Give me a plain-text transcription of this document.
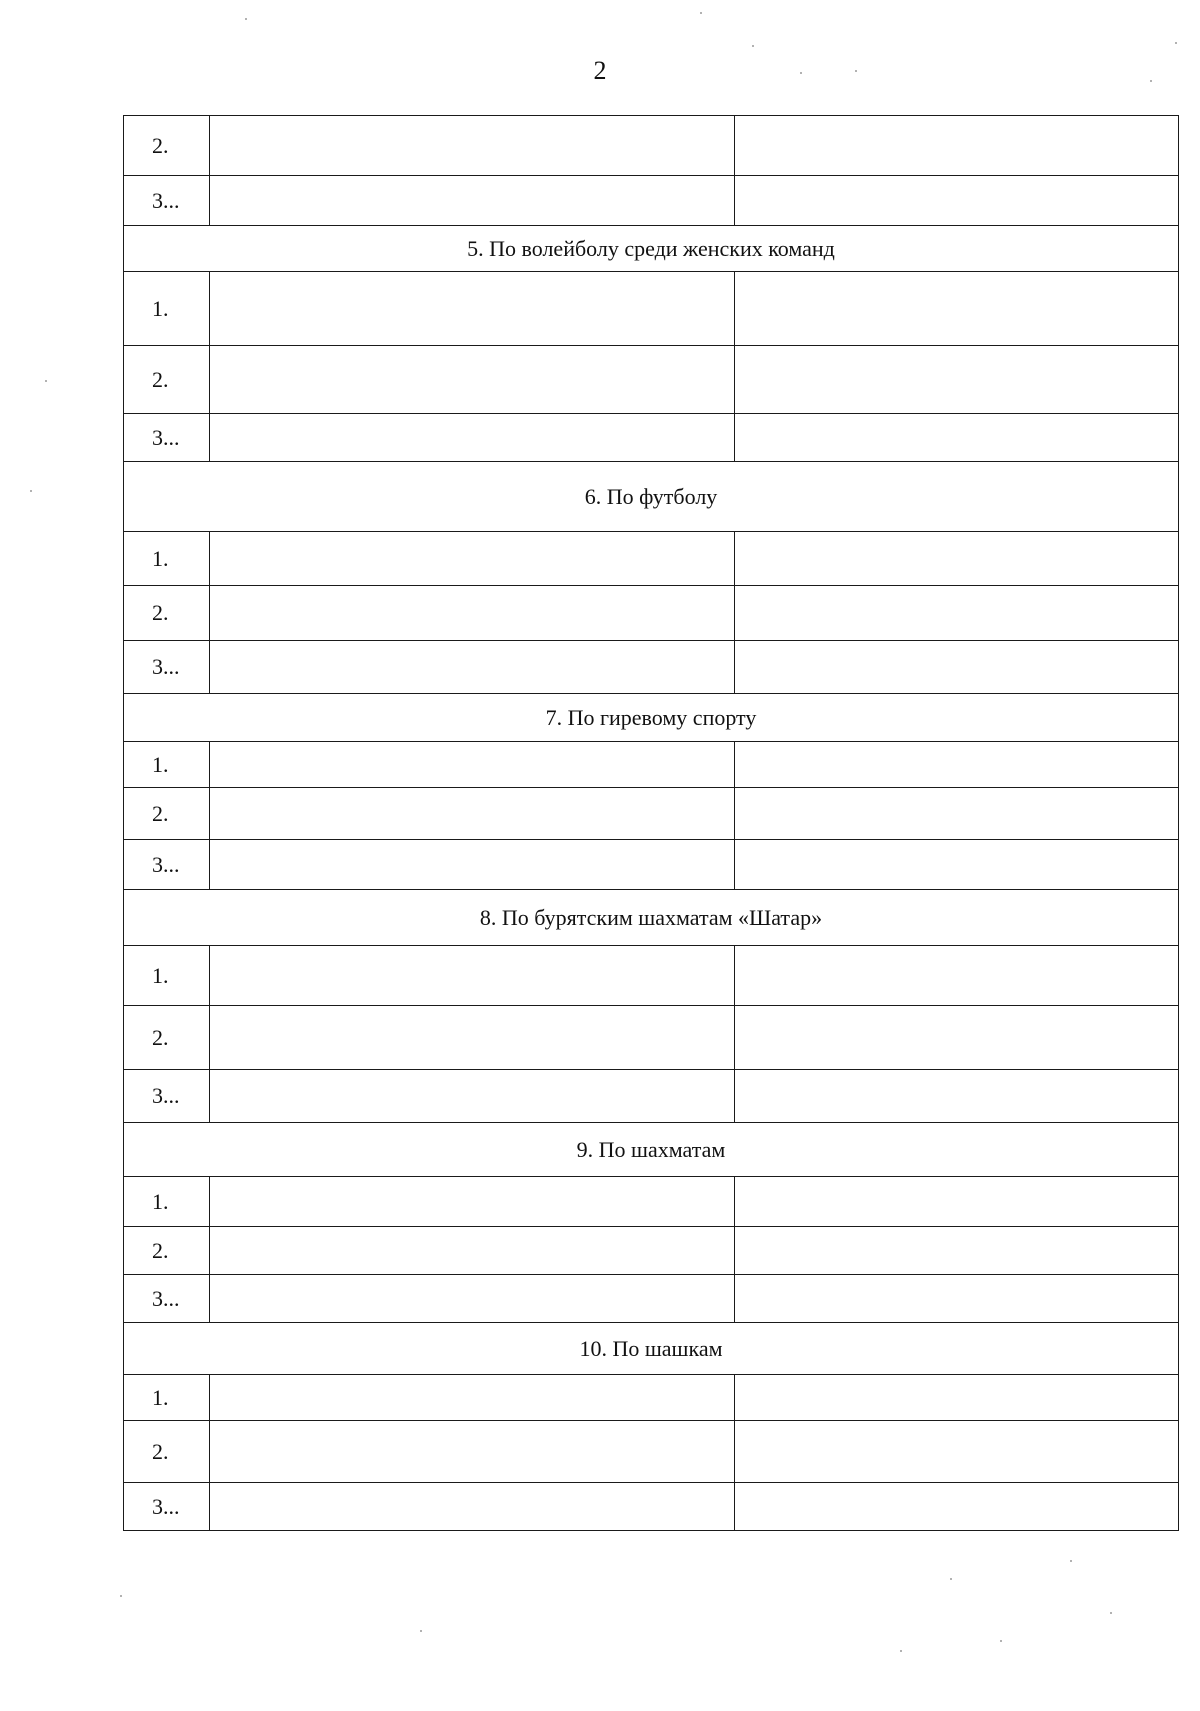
2
2.		
3...		
5. По волейболу среди женских команд		
1.		
2.		
3...		
6. По футболу		
1.		
2.		
3...		
7. По гиревому спорту		
1.		
2.		
3...		
8. По бурятским шахматам «Шатар»		
1.		
2.		
3...		
9. По шахматам		
1.		
2.		
3...		
10. По шашкам		
1.		
2.		
3...		
